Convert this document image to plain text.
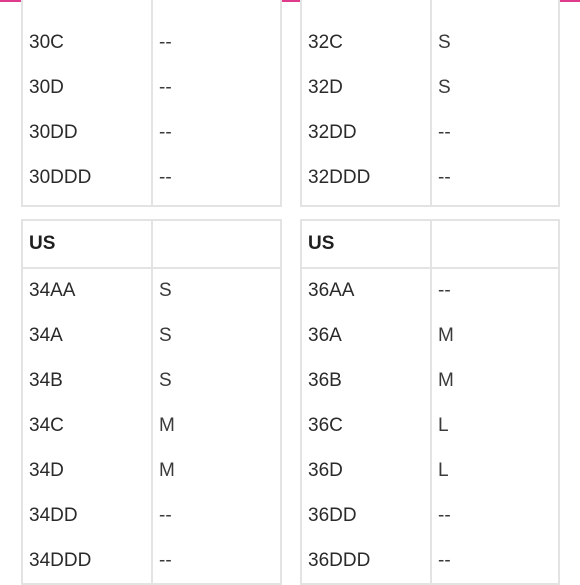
30C	--
30D	--
30DD	--
30DDD	--

32C	S
32D	S
32DD	--
32DDD	--

US	
34AA	S
34A	S
34B	S
34C	M
34D	M
34DD	--
34DDD	--
US	
36AA	--
36A	M
36B	M
36C	L
36D	L
36DD	--
36DDD	--
